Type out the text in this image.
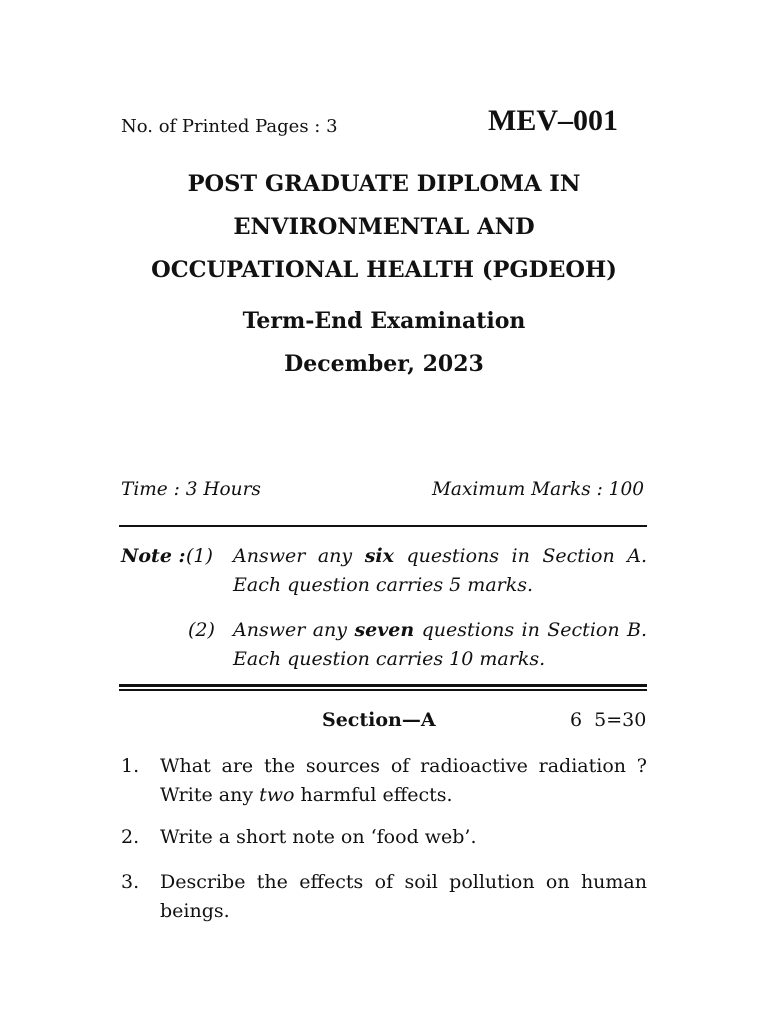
No. of Printed Pages : 3	MEV–001
POST GRADUATE DIPLOMA IN
ENVIRONMENTAL AND
OCCUPATIONAL HEALTH (PGDEOH)
Term-End Examination
December, 2023
Time : 3 Hours	Maximum Marks : 100
Note : (1) Answer any six questions in Section A. Each question carries 5 marks.
(2) Answer any seven questions in Section B. Each question carries 10 marks.
Section—A	6  5=30
1. What are the sources of radioactive radiation ? Write any two harmful effects.
2. Write a short note on ‘food web’.
3. Describe the effects of soil pollution on human beings.
